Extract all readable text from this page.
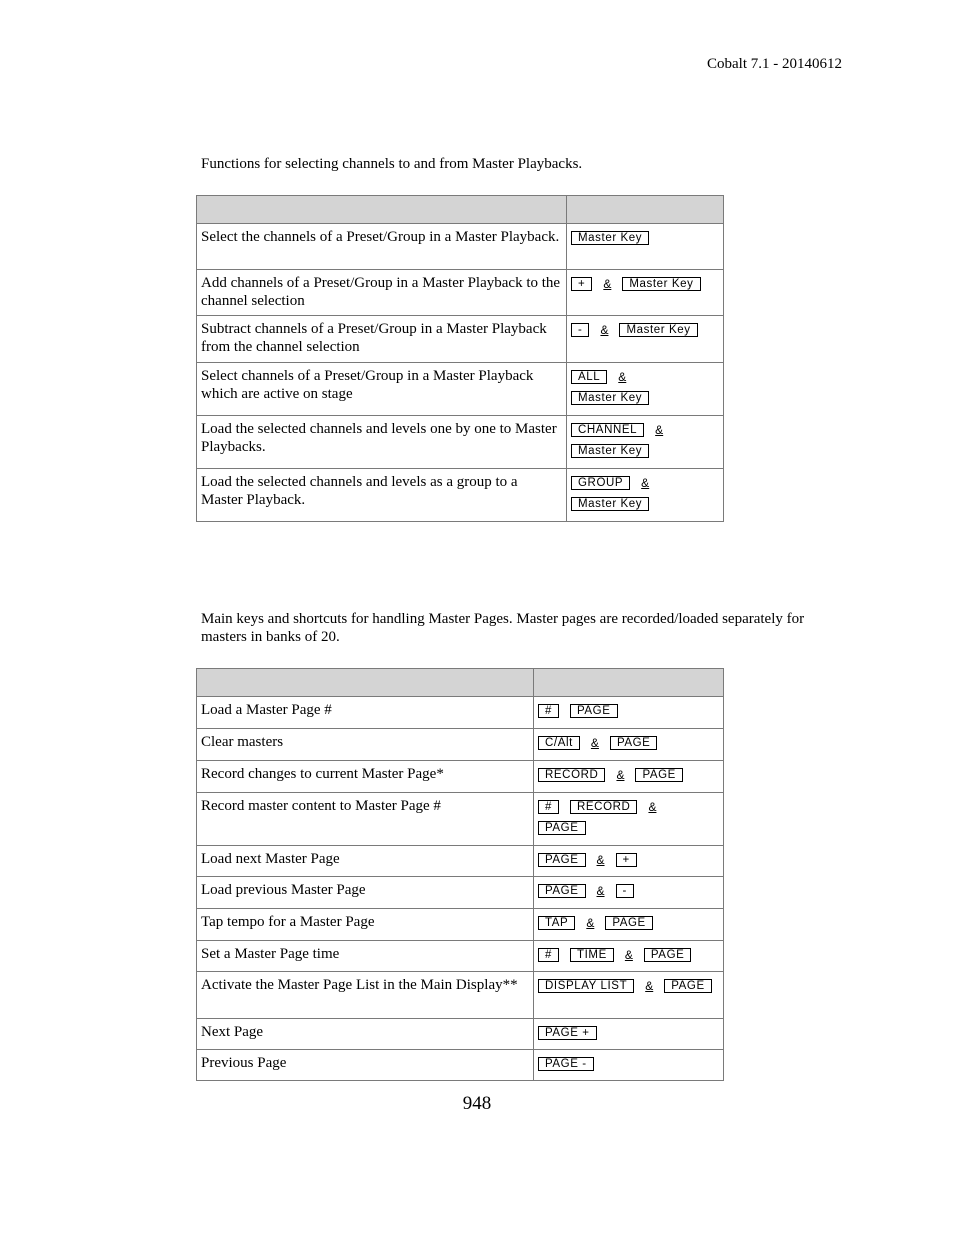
Cobalt 7.1 - 20140612
Functions for selecting channels to and from Master Playbacks.

Select the channels of a Preset/Group in a Master Playback.	Master Key

Add channels of a Preset/Group in a Master Playback to the channel selection	+ & Master Key

Subtract channels of a Preset/Group in a Master Playback from the channel selection	- & Master Key

Select channels of a Preset/Group in a Master Playback which are active on stage	ALL &
Master Key

Load the selected channels and levels one by one to Master Playbacks.	CHANNEL &
Master Key

Load the selected channels and levels as a group to a Master Playback.	GROUP &
Master Key
Main keys and shortcuts for handling Master Pages. Master pages are recorded/loaded separately for masters in banks of 20.

Load a Master Page #	# PAGE

Clear masters	C/Alt & PAGE

Record changes to current Master Page*	RECORD & PAGE

Record master content to Master Page #	# RECORD &
PAGE

Load next Master Page	PAGE & +

Load previous Master Page	PAGE & -

Tap tempo for a Master Page	TAP & PAGE

Set a Master Page time	# TIME & PAGE

Activate the Master Page List in the Main Display**	DISPLAY LIST & PAGE

Next Page	PAGE +

Previous Page	PAGE -
948
